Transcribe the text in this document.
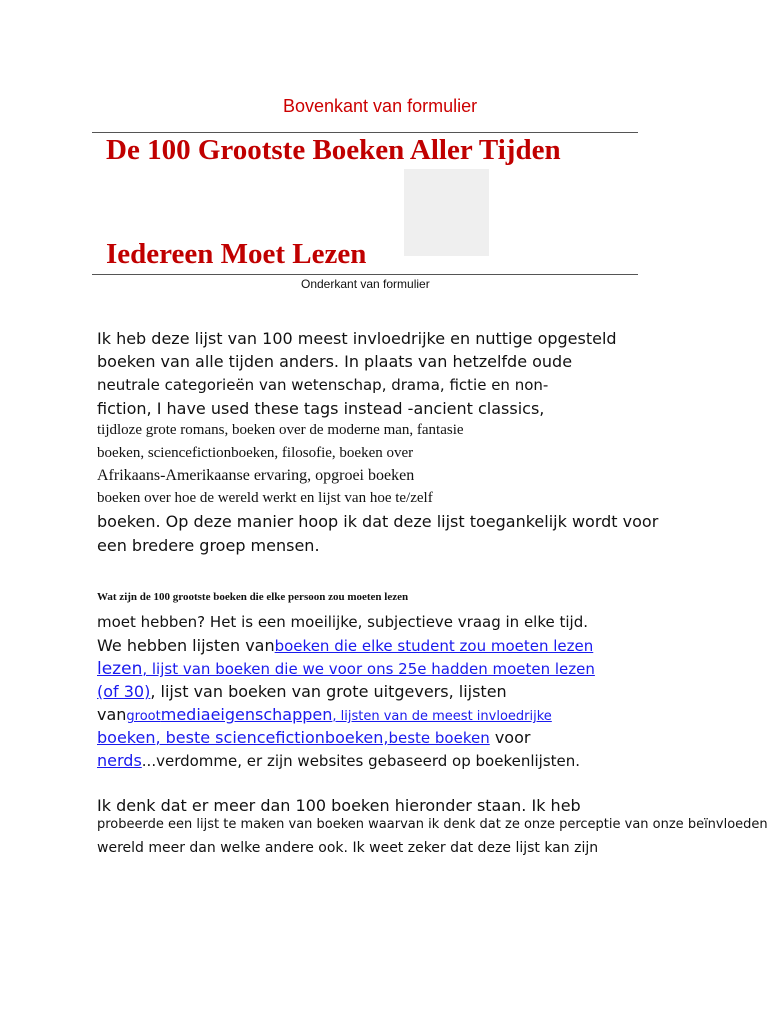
Bovenkant van formulier
De 100 Grootste Boeken Aller Tijden
Iedereen Moet Lezen
Onderkant van formulier
Ik heb deze lijst van 100 meest invloedrijke en nuttige opgesteld
boeken van alle tijden anders. In plaats van hetzelfde oude
neutrale categorieën van wetenschap, drama, fictie en non-
fiction, I have used these tags instead -ancient classics,
tijdloze grote romans, boeken over de moderne man, fantasie
boeken, sciencefictionboeken, filosofie, boeken over
Afrikaans-Amerikaanse ervaring, opgroei boeken
boeken over hoe de wereld werkt en lijst van hoe te/zelf
boeken. Op deze manier hoop ik dat deze lijst toegankelijk wordt voor
een bredere groep mensen.
Wat zijn de 100 grootste boeken die elke persoon zou moeten lezen
moet hebben? Het is een moeilijke, subjectieve vraag in elke tijd.
We hebben lijsten vanboeken die elke student zou moeten lezen
lezen, lijst van boeken die we voor ons 25e hadden moeten lezen
(of 30), lijst van boeken van grote uitgevers, lijsten
vangrootmediaeigenschappen, lijsten van de meest invloedrijke
boeken, beste sciencefictionboeken,beste boeken voor
nerds...verdomme, er zijn websites gebaseerd op boekenlijsten.
Ik denk dat er meer dan 100 boeken hieronder staan. Ik heb
probeerde een lijst te maken van boeken waarvan ik denk dat ze onze perceptie van onze beïnvloeden
wereld meer dan welke andere ook. Ik weet zeker dat deze lijst kan zijn
